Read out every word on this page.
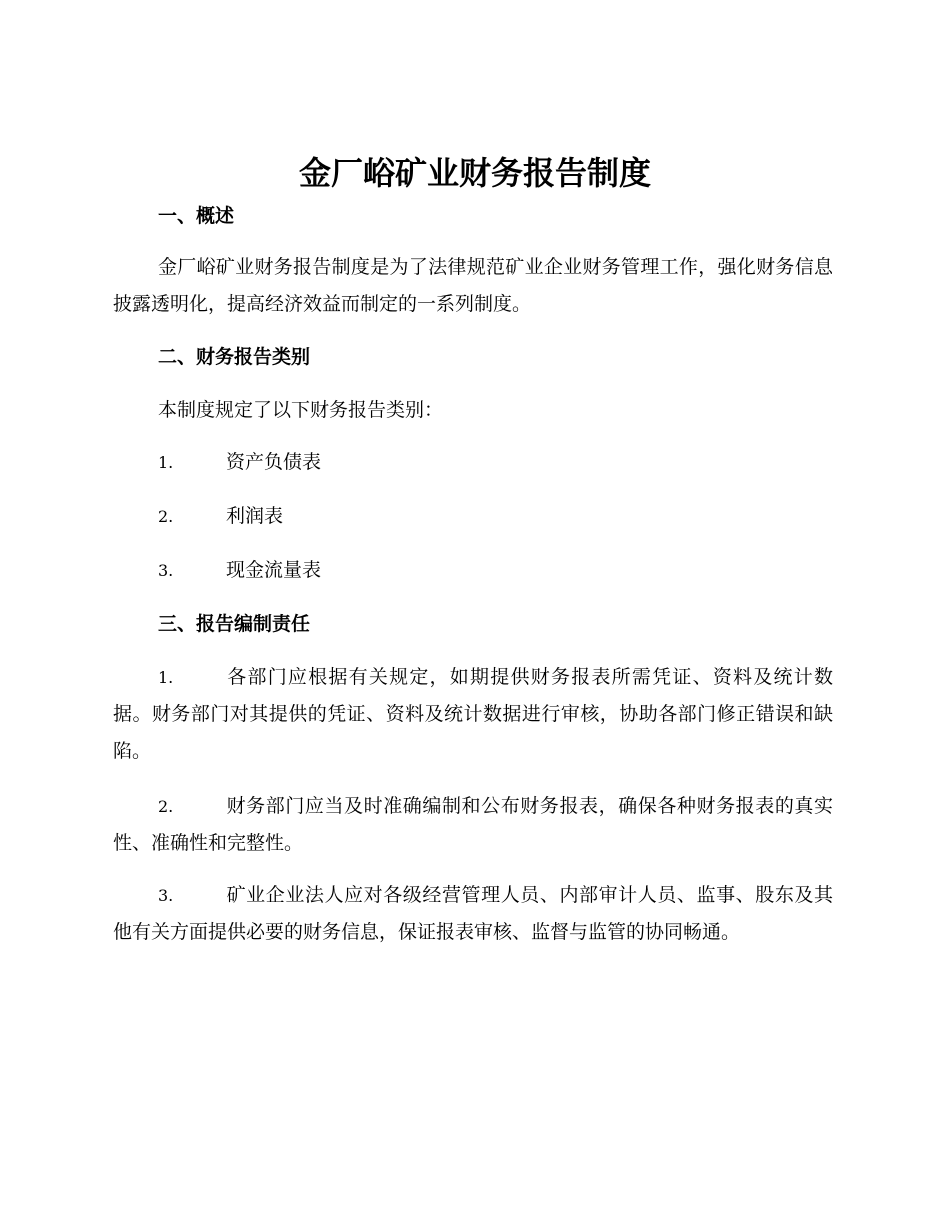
金厂峪矿业财务报告制度
一、概述

金厂峪矿业财务报告制度是为了法律规范矿业企业财务管理工作，强化财务信息披露透明化，提高经济效益而制定的一系列制度。

二、财务报告类别

本制度规定了以下财务报告类别：

1.	资产负债表
2.	利润表
3.	现金流量表
三、报告编制责任

1.	各部门应根据有关规定，如期提供财务报表所需凭证、资料及统计数据。财务部门对其提供的凭证、资料及统计数据进行审核，协助各部门修正错误和缺陷。

2.	财务部门应当及时准确编制和公布财务报表，确保各种财务报表的真实性、准确性和完整性。

3.	矿业企业法人应对各级经营管理人员、内部审计人员、监事、股东及其他有关方面提供必要的财务信息，保证报表审核、监督与监管的协同畅通。
